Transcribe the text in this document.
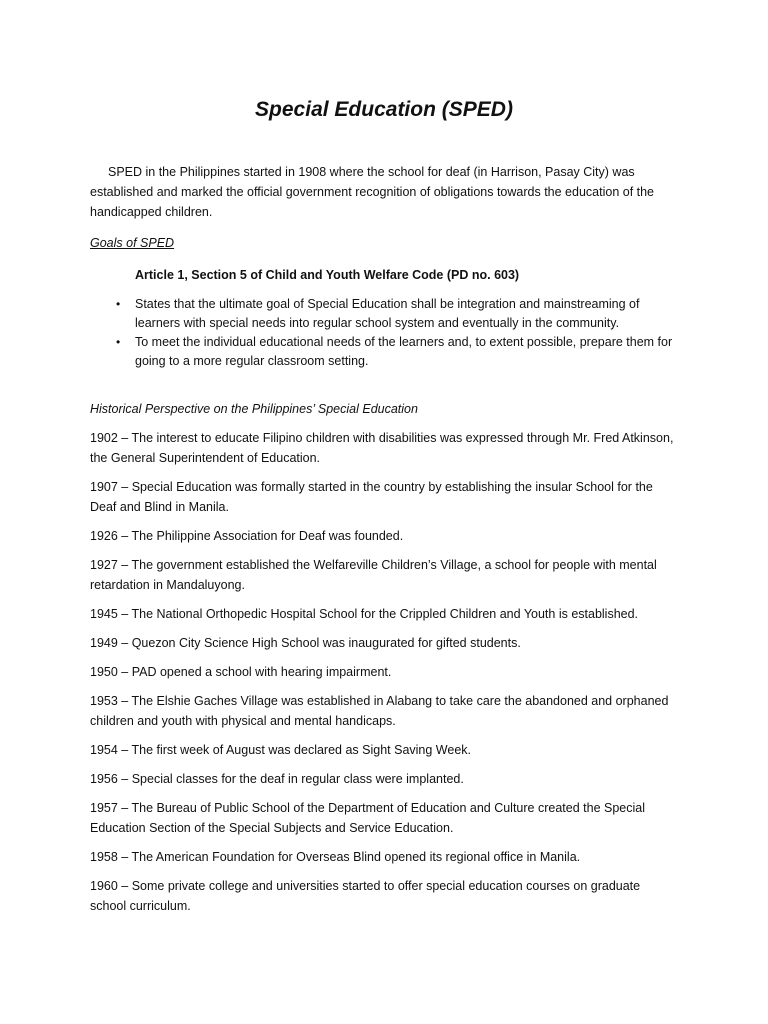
Special Education (SPED)

SPED in the Philippines started in 1908 where the school for deaf (in Harrison, Pasay City) was established and marked the official government recognition of obligations towards the education of the handicapped children.

Goals of SPED

Article 1, Section 5 of Child and Youth Welfare Code (PD no. 603)

• States that the ultimate goal of Special Education shall be integration and mainstreaming of learners with special needs into regular school system and eventually in the community.
• To meet the individual educational needs of the learners and, to extent possible, prepare them for going to a more regular classroom setting.

Historical Perspective on the Philippines’ Special Education

1902 – The interest to educate Filipino children with disabilities was expressed through Mr. Fred Atkinson, the General Superintendent of Education.

1907 – Special Education was formally started in the country by establishing the insular School for the Deaf and Blind in Manila.

1926 – The Philippine Association for Deaf was founded.

1927 – The government established the Welfareville Children’s Village, a school for people with mental retardation in Mandaluyong.

1945 – The National Orthopedic Hospital School for the Crippled Children and Youth is established.

1949 – Quezon City Science High School was inaugurated for gifted students.

1950 – PAD opened a school with hearing impairment.

1953 – The Elshie Gaches Village was established in Alabang to take care the abandoned and orphaned children and youth with physical and mental handicaps.

1954 – The first week of August was declared as Sight Saving Week.

1956 – Special classes for the deaf in regular class were implanted.

1957 – The Bureau of Public School of the Department of Education and Culture created the Special Education Section of the Special Subjects and Service Education.

1958 – The American Foundation for Overseas Blind opened its regional office in Manila.

1960 – Some private college and universities started to offer special education courses on graduate school curriculum.
